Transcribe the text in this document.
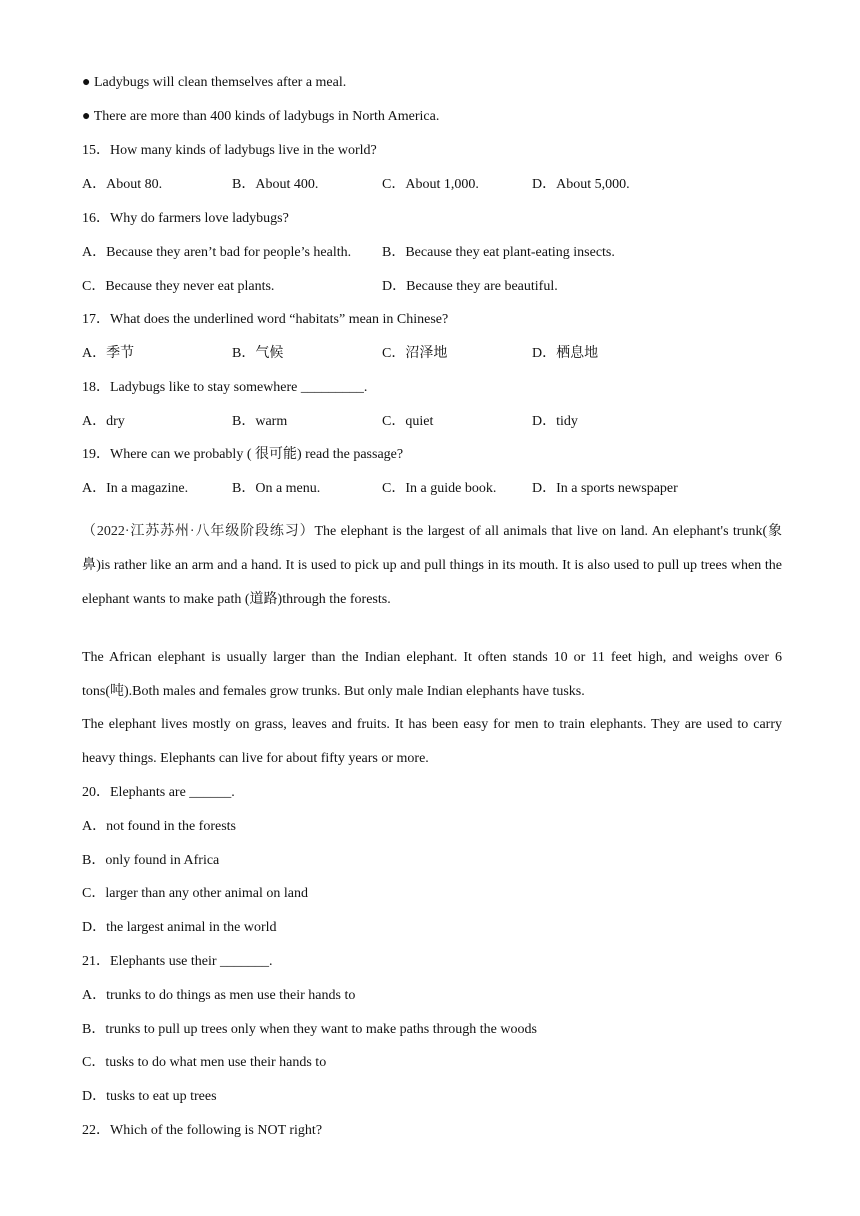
● Ladybugs will clean themselves after a meal.
● There are more than 400 kinds of ladybugs in North America.
15．How many kinds of ladybugs live in the world?
A．About 80.	B．About 400.	C．About 1,000.	D．About 5,000.
16．Why do farmers love ladybugs?
A．Because they aren’t bad for people’s health. B．Because they eat plant-eating insects.
C．Because they never eat plants.	D．Because they are beautiful.
17．What does the underlined word “habitats” mean in Chinese?
A．季节	B．气候	C．沼泽地	D．栖息地
18．Ladybugs like to stay somewhere _________.
A．dry	B．warm	C．quiet	D．tidy
19．Where can we probably ( 很可能) read the passage?
A．In a magazine.	B．On a menu.	C．In a guide book.	D．In a sports newspaper
（2022·江苏苏州·八年级阶段练习）The elephant is the largest of all animals that live on land. An elephant's trunk(象鼻)is rather like an arm and a hand. It is used to pick up and pull things in its mouth. It is also used to pull up trees when the elephant wants to make path (道路)through the forests.
The African elephant is usually larger than the Indian elephant. It often stands 10 or 11 feet high, and weighs over 6 tons(吨).Both males and females grow trunks. But only male Indian elephants have tusks.
The elephant lives mostly on grass, leaves and fruits. It has been easy for men to train elephants. They are used to carry heavy things. Elephants can live for about fifty years or more.
20．Elephants are ______.
A．not found in the forests
B．only found in Africa
C．larger than any other animal on land
D．the largest animal in the world
21．Elephants use their _______.
A．trunks to do things as men use their hands to
B．trunks to pull up trees only when they want to make paths through the woods
C．tusks to do what men use their hands to
D．tusks to eat up trees
22．Which of the following is NOT right?
